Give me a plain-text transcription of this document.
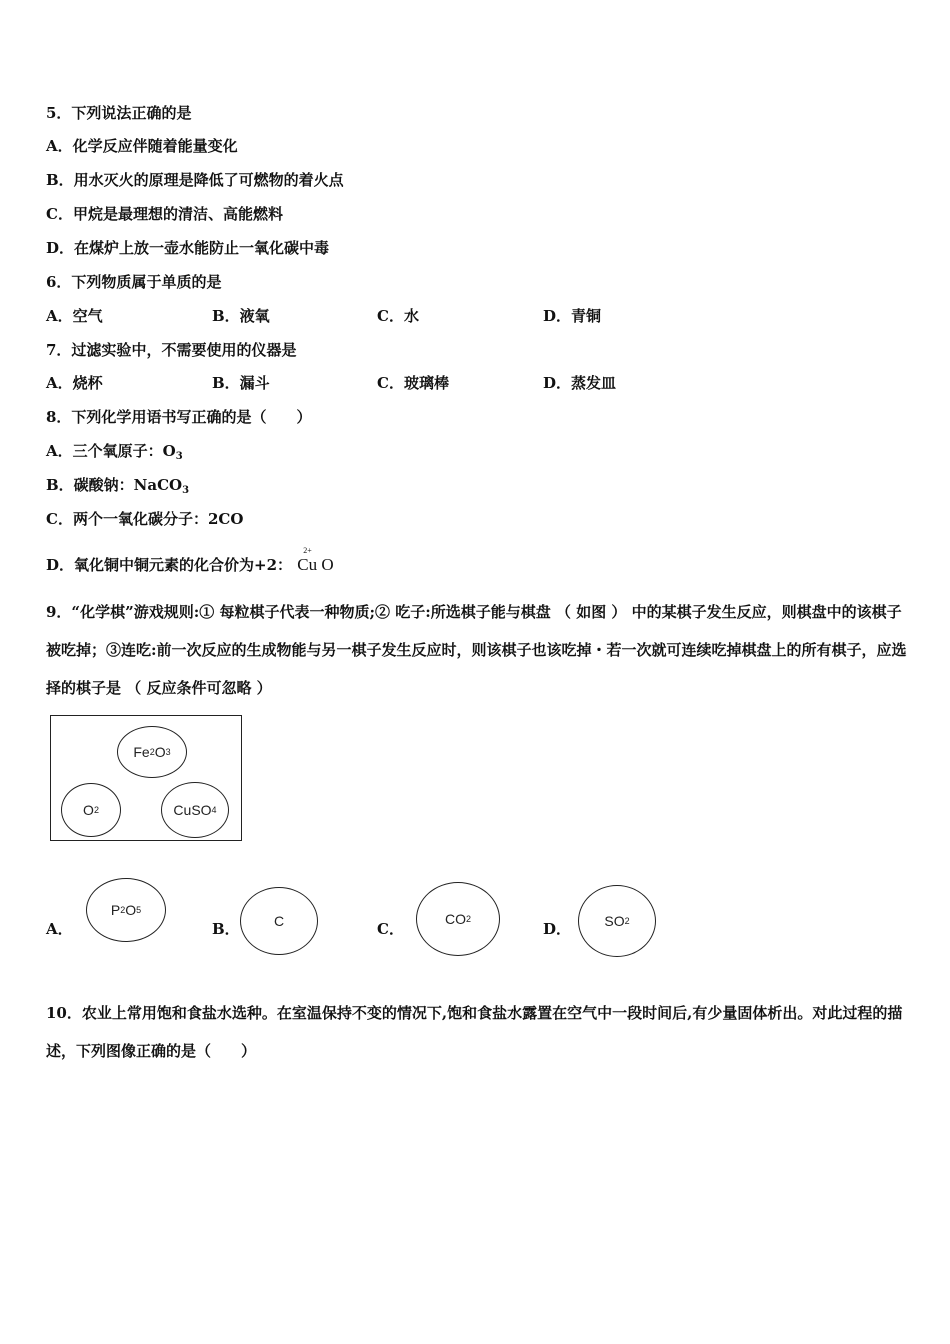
5．下列说法正确的是
A．化学反应伴随着能量变化
B．用水灭火的原理是降低了可燃物的着火点
C．甲烷是最理想的清洁、高能燃料
D．在煤炉上放一壶水能防止一氧化碳中毒
6．下列物质属于单质的是
A．空气	B．液氧	C．水	D．青铜
7．过滤实验中，不需要使用的仪器是
A．烧杯	B．漏斗	C．玻璃棒	D．蒸发皿
8．下列化学用语书写正确的是（　　）
A．三个氧原子：$O_3$
B．碳酸钠：NaCO$_3$
C．两个一氧化碳分子：2CO
D．氧化铜中铜元素的化合价为+2：
2+
Cu O
9．“化学棋”游戏规则:① 每粒棋子代表一种物质;② 吃子:所选棋子能与棋盘 （ 如图 ） 中的某棋子发生反应，则棋盘中的该棋子被吃掉；③连吃:前一次反应的生成物能与另一棋子发生反应时，则该棋子也该吃掉・若一次就可连续吃掉棋盘上的所有棋子，应选择的棋子是 （ 反应条件可忽略 ）
Fe 2 O 3
O 2	CuSO 4
A．
P 2 O 5
B． C	C．
CO 2
D． SO 2
10．农业上常用饱和食盐水选种。在室温保持不变的情况下,饱和食盐水露置在空气中一段时间后,有少量固体析出。对此过程的描述，下列图像正确的是（　　）
